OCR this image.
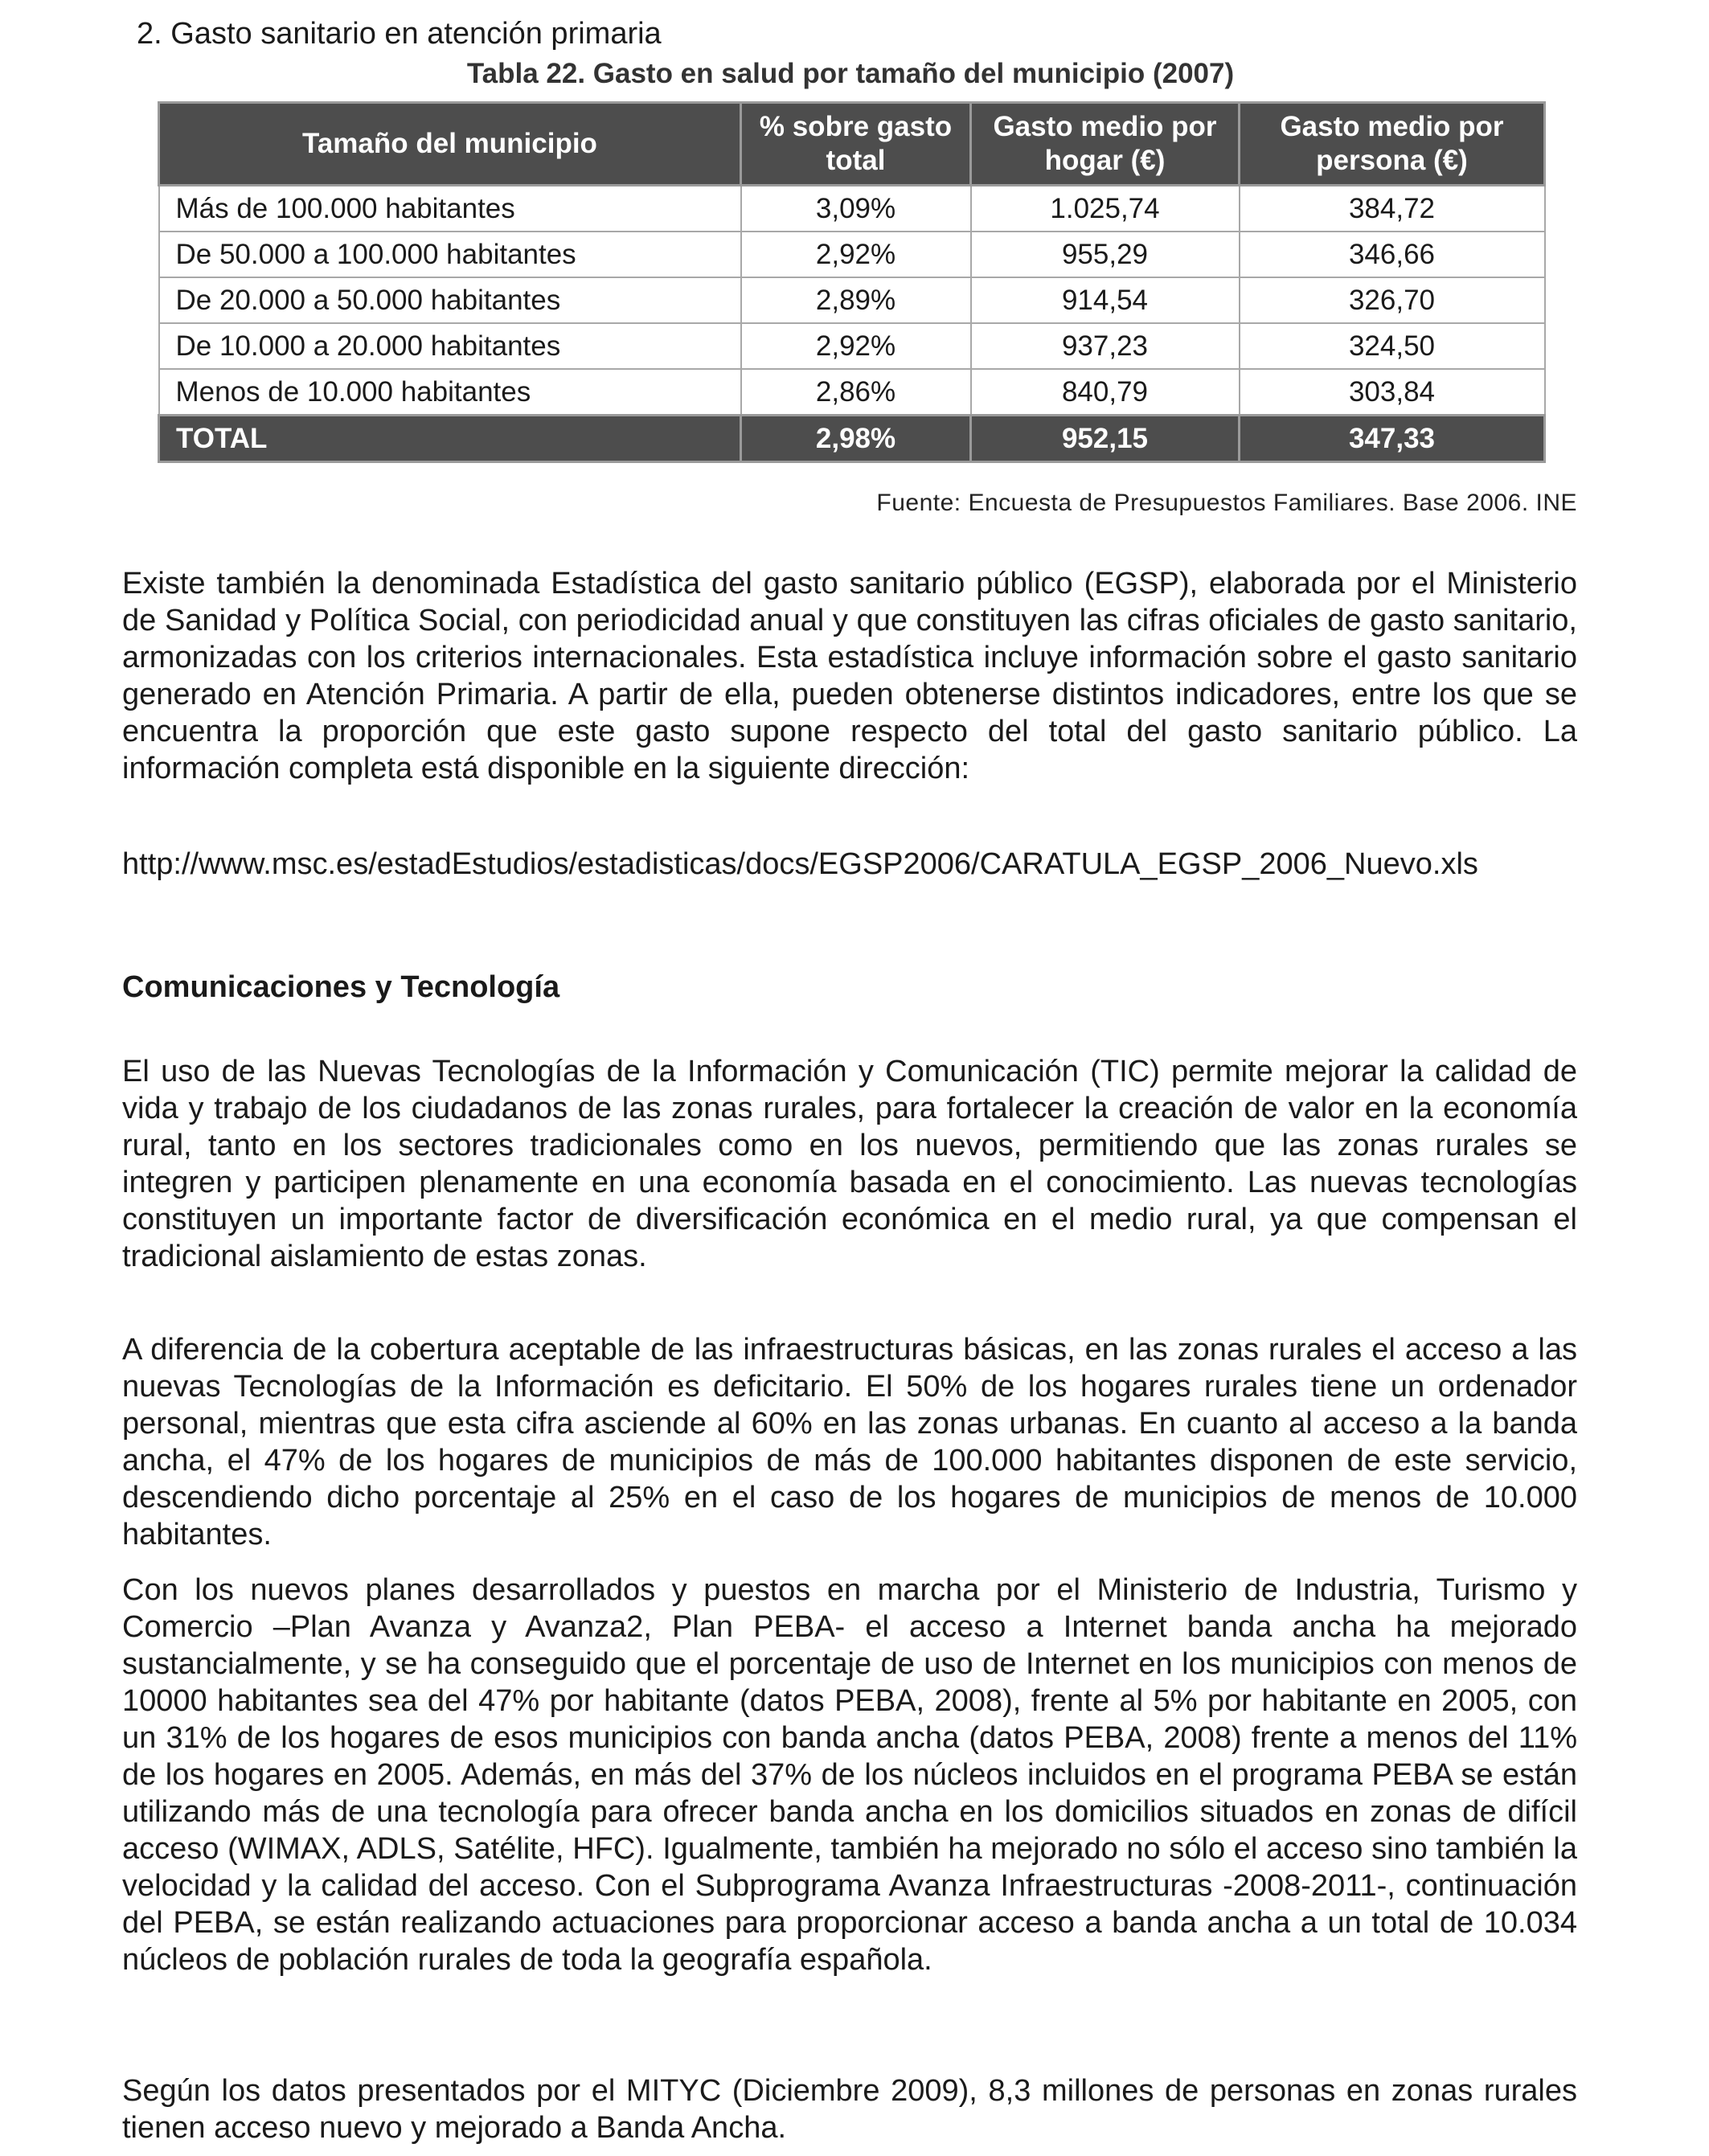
2. Gasto sanitario en atención primaria
Tabla 22. Gasto en salud por tamaño del municipio (2007)
Tamaño del municipio	% sobre gasto total	Gasto medio por hogar (€)	Gasto medio por persona (€)
Más de 100.000 habitantes	3,09%	1.025,74	384,72
De 50.000 a 100.000 habitantes	2,92%	955,29	346,66
De 20.000 a 50.000 habitantes	2,89%	914,54	326,70
De 10.000 a 20.000 habitantes	2,92%	937,23	324,50
Menos de 10.000 habitantes	2,86%	840,79	303,84
TOTAL	2,98%	952,15	347,33
Fuente: Encuesta de Presupuestos Familiares. Base 2006. INE

Existe también la denominada Estadística del gasto sanitario público (EGSP), elaborada por el Ministerio de Sanidad y Política Social, con periodicidad anual y que constituyen las cifras oficiales de gasto sanitario, armonizadas con los criterios internacionales. Esta estadística incluye información sobre el gasto sanitario generado en Atención Primaria. A partir de ella, pueden obtenerse distintos indicadores, entre los que se encuentra la proporción que este gasto supone respecto del total del gasto sanitario público. La información completa está disponible en la siguiente dirección:

http://www.msc.es/estadEstudios/estadisticas/docs/EGSP2006/CARATULA_EGSP_2006_Nuevo.xls

Comunicaciones y Tecnología

El uso de las Nuevas Tecnologías de la Información y Comunicación (TIC) permite mejorar la calidad de vida y trabajo de los ciudadanos de las zonas rurales, para fortalecer la creación de valor en la economía rural, tanto en los sectores tradicionales como en los nuevos, permitiendo que las zonas rurales se integren y participen plenamente en una economía basada en el conocimiento. Las nuevas tecnologías constituyen un importante factor de diversificación económica en el medio rural, ya que compensan el tradicional aislamiento de estas zonas.

A diferencia de la cobertura aceptable de las infraestructuras básicas, en las zonas rurales el acceso a las nuevas Tecnologías de la Información es deficitario. El 50% de los hogares rurales tiene un ordenador personal, mientras que esta cifra asciende al 60% en las zonas urbanas. En cuanto al acceso a la banda ancha, el 47% de los hogares de municipios de más de 100.000 habitantes disponen de este servicio, descendiendo dicho porcentaje al 25% en el caso de los hogares de municipios de menos de 10.000 habitantes.

Con los nuevos planes desarrollados y puestos en marcha por el Ministerio de Industria, Turismo y Comercio –Plan Avanza y Avanza2, Plan PEBA- el acceso a Internet banda ancha ha mejorado sustancialmente, y se ha conseguido que el porcentaje de uso de Internet en los municipios con menos de 10000 habitantes sea del 47% por habitante (datos PEBA, 2008), frente al 5% por habitante en 2005, con un 31% de los hogares de esos municipios con banda ancha (datos PEBA, 2008) frente a menos del 11% de los hogares en 2005. Además, en más del 37% de los núcleos incluidos en el programa PEBA se están utilizando más de una tecnología para ofrecer banda ancha en los domicilios situados en zonas de difícil acceso (WIMAX, ADLS, Satélite, HFC). Igualmente, también ha mejorado no sólo el acceso sino también la velocidad y la calidad del acceso. Con el Subprograma Avanza Infraestructuras -2008-2011-, continuación del PEBA, se están realizando actuaciones para proporcionar acceso a banda ancha a un total de 10.034 núcleos de población rurales de toda la geografía española.

Según los datos presentados por el MITYC (Diciembre 2009), 8,3 millones de personas en zonas rurales tienen acceso nuevo y mejorado a Banda Ancha.
